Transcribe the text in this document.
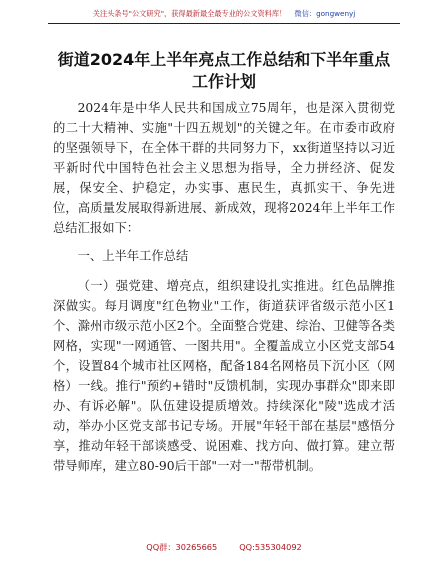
关注头条号"公文研究"，获得最新最全最专业的公文资料库！ 微信：gongwenyj
街道2024年上半年亮点工作总结和下半年重点
工作计划

2024年是中华人民共和国成立75周年，也是深入贯彻党的二十大精神、实施"十四五规划"的关键之年。在市委市政府的坚强领导下，在全体干群的共同努力下，xx街道坚持以习近平新时代中国特色社会主义思想为指导，全力拼经济、促发展，保安全、护稳定，办实事、惠民生，真抓实干、争先进位，高质量发展取得新进展、新成效，现将2024年上半年工作总结汇报如下：

一、上半年工作总结

（一）强党建、增亮点，组织建设扎实推进。红色品牌推深做实。每月调度"红色物业"工作，街道获评省级示范小区1个、滁州市级示范小区2个。全面整合党建、综治、卫健等各类网格，实现"一网通管、一图共用"。全覆盖成立小区党支部54个，设置84个城市社区网格，配备184名网格员下沉小区（网格）一线。推行"预约+错时"反馈机制，实现办事群众"即来即办、有诉必解"。队伍建设提质增效。持续深化"陵"选成才活动，举办小区党支部书记专场。开展"年轻干部在基层"感悟分享，推动年轻干部谈感受、说困难、找方向、做打算。建立帮带导师库，建立80-90后干部"一对一"帮带机制。

QQ群：30265665	QQ:535304092
